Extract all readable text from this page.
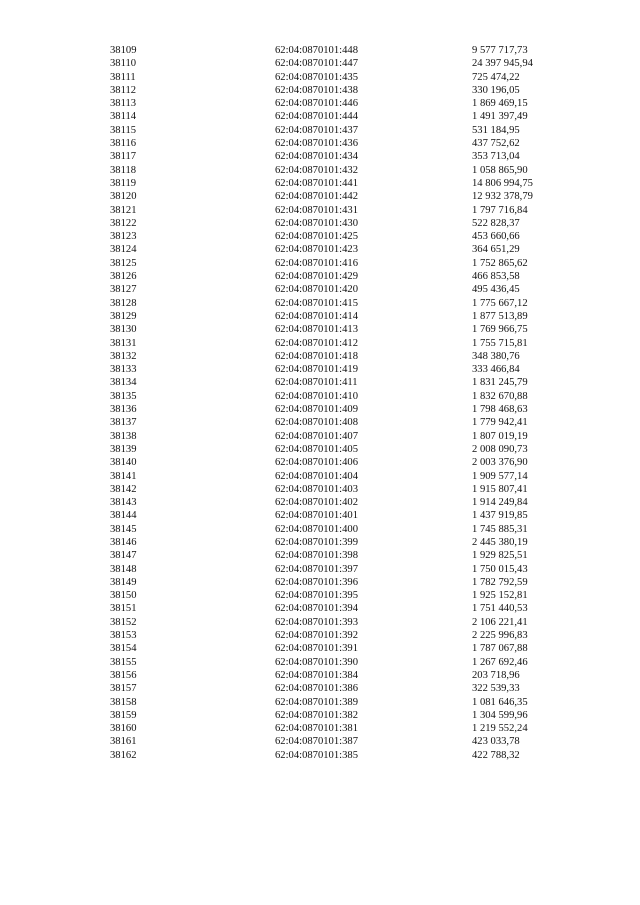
38109	62:04:0870101:448	9 577 717,73
38110	62:04:0870101:447	24 397 945,94
38111	62:04:0870101:435	725 474,22
38112	62:04:0870101:438	330 196,05
38113	62:04:0870101:446	1 869 469,15
38114	62:04:0870101:444	1 491 397,49
38115	62:04:0870101:437	531 184,95
38116	62:04:0870101:436	437 752,62
38117	62:04:0870101:434	353 713,04
38118	62:04:0870101:432	1 058 865,90
38119	62:04:0870101:441	14 806 994,75
38120	62:04:0870101:442	12 932 378,79
38121	62:04:0870101:431	1 797 716,84
38122	62:04:0870101:430	522 828,37
38123	62:04:0870101:425	453 660,66
38124	62:04:0870101:423	364 651,29
38125	62:04:0870101:416	1 752 865,62
38126	62:04:0870101:429	466 853,58
38127	62:04:0870101:420	495 436,45
38128	62:04:0870101:415	1 775 667,12
38129	62:04:0870101:414	1 877 513,89
38130	62:04:0870101:413	1 769 966,75
38131	62:04:0870101:412	1 755 715,81
38132	62:04:0870101:418	348 380,76
38133	62:04:0870101:419	333 466,84
38134	62:04:0870101:411	1 831 245,79
38135	62:04:0870101:410	1 832 670,88
38136	62:04:0870101:409	1 798 468,63
38137	62:04:0870101:408	1 779 942,41
38138	62:04:0870101:407	1 807 019,19
38139	62:04:0870101:405	2 008 090,73
38140	62:04:0870101:406	2 003 376,90
38141	62:04:0870101:404	1 909 577,14
38142	62:04:0870101:403	1 915 807,41
38143	62:04:0870101:402	1 914 249,84
38144	62:04:0870101:401	1 437 919,85
38145	62:04:0870101:400	1 745 885,31
38146	62:04:0870101:399	2 445 380,19
38147	62:04:0870101:398	1 929 825,51
38148	62:04:0870101:397	1 750 015,43
38149	62:04:0870101:396	1 782 792,59
38150	62:04:0870101:395	1 925 152,81
38151	62:04:0870101:394	1 751 440,53
38152	62:04:0870101:393	2 106 221,41
38153	62:04:0870101:392	2 225 996,83
38154	62:04:0870101:391	1 787 067,88
38155	62:04:0870101:390	1 267 692,46
38156	62:04:0870101:384	203 718,96
38157	62:04:0870101:386	322 539,33
38158	62:04:0870101:389	1 081 646,35
38159	62:04:0870101:382	1 304 599,96
38160	62:04:0870101:381	1 219 552,24
38161	62:04:0870101:387	423 033,78
38162	62:04:0870101:385	422 788,32
